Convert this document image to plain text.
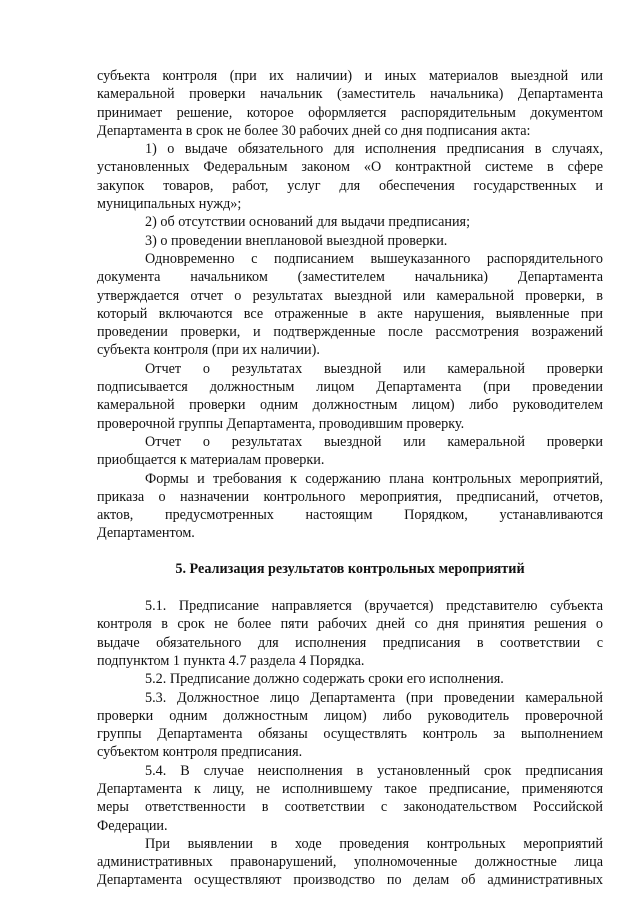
субъекта контроля (при их наличии) и иных материалов выездной или
камеральной проверки начальник (заместитель начальника) Департамента
принимает решение, которое оформляется распорядительным документом
Департамента в срок не более 30 рабочих дней со дня подписания акта:
1) о выдаче обязательного для исполнения предписания в случаях,
установленных Федеральным законом «О контрактной системе в сфере
закупок товаров, работ, услуг для обеспечения государственных и
муниципальных нужд»;
2) об отсутствии оснований для выдачи предписания;
3) о проведении внеплановой выездной проверки.
Одновременно с подписанием вышеуказанного распорядительного
документа начальником (заместителем начальника) Департамента
утверждается отчет о результатах выездной или камеральной проверки, в
который включаются все отраженные в акте нарушения, выявленные при
проведении проверки, и подтвержденные после рассмотрения возражений
субъекта контроля (при их наличии).
Отчет о результатах выездной или камеральной проверки
подписывается должностным лицом Департамента (при проведении
камеральной проверки одним должностным лицом) либо руководителем
проверочной группы Департамента, проводившим проверку.
Отчет о результатах выездной или камеральной проверки
приобщается к материалам проверки.
Формы и требования к содержанию плана контрольных мероприятий,
приказа о назначении контрольного мероприятия, предписаний, отчетов,
актов, предусмотренных настоящим Порядком, устанавливаются
Департаментом.
5. Реализация результатов контрольных мероприятий
5.1. Предписание направляется (вручается) представителю субъекта
контроля в срок не более пяти рабочих дней со дня принятия решения о
выдаче обязательного для исполнения предписания в соответствии с
подпунктом 1 пункта 4.7 раздела 4 Порядка.
5.2. Предписание должно содержать сроки его исполнения.
5.3. Должностное лицо Департамента (при проведении камеральной
проверки одним должностным лицом) либо руководитель проверочной
группы Департамента обязаны осуществлять контроль за выполнением
субъектом контроля предписания.
5.4. В случае неисполнения в установленный срок предписания
Департамента к лицу, не исполнившему такое предписание, применяются
меры ответственности в соответствии с законодательством Российской
Федерации.
При выявлении в ходе проведения контрольных мероприятий
административных правонарушений, уполномоченные должностные лица
Департамента осуществляют производство по делам об административных
